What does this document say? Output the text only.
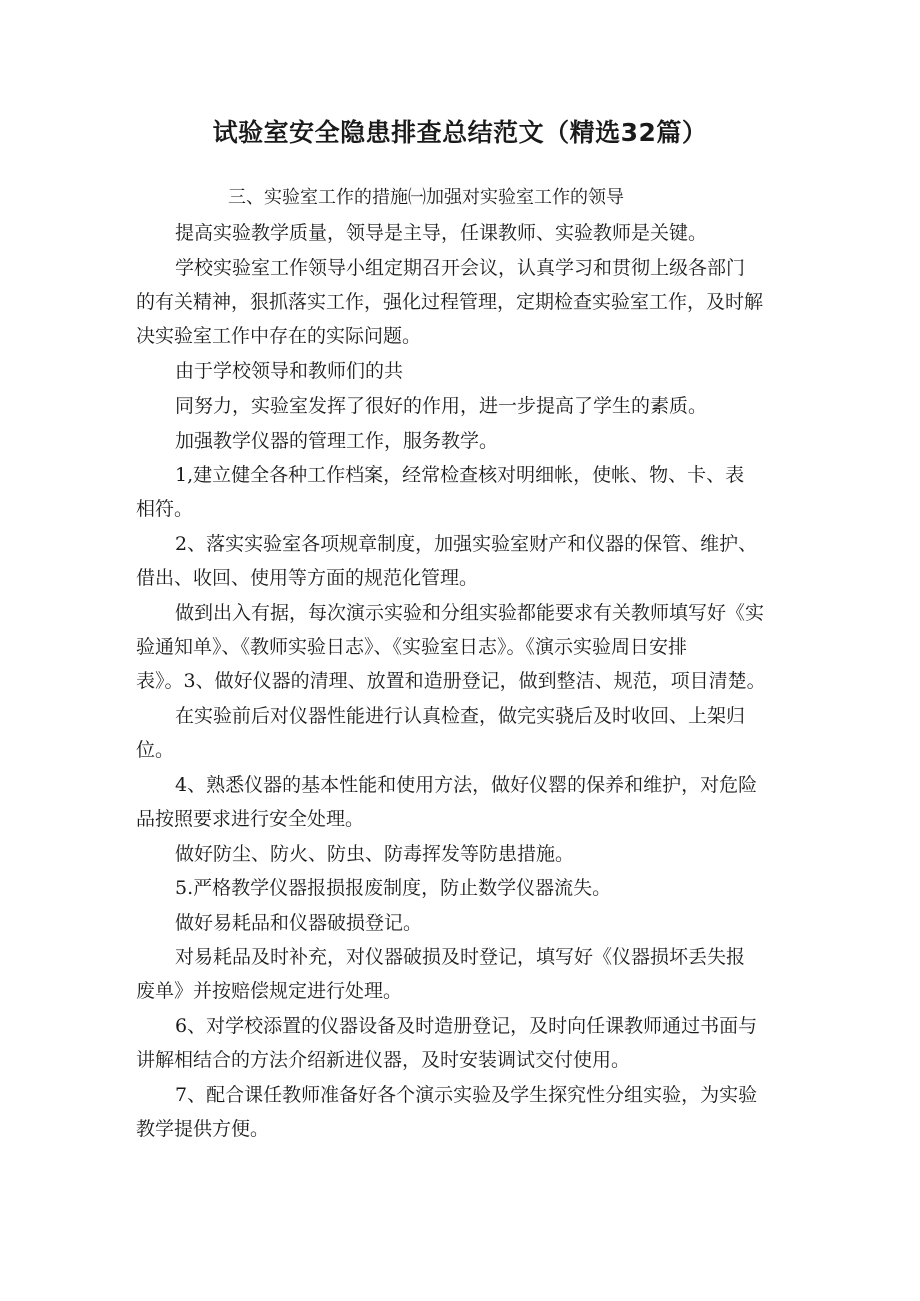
试验室安全隐患排查总结范文（精选32篇）
三、实验室工作的措施㈠加强对实验室工作的领导
提高实验教学质量，领导是主导，任课教师、实验教师是关键。
学校实验室工作领导小组定期召开会议，认真学习和贯彻上级各部门
的有关精神，狠抓落实工作，强化过程管理，定期检查实验室工作，及时解
决实验室工作中存在的实际问题。
由于学校领导和教师们的共
同努力，实验室发挥了很好的作用，进一步提高了学生的素质。
加强教学仪器的管理工作，服务教学。
1,建立健全各种工作档案，经常检查核对明细帐，使帐、物、卡、表
相符。
2、落实实验室各项规章制度，加强实验室财产和仪器的保管、维护、
借出、收回、使用等方面的规范化管理。
做到出入有据，每次演示实验和分组实验都能要求有关教师填写好《实
验通知单》、《教师实验日志》、《实验室日志》。《演示实验周日安排
表》。3、做好仪器的清理、放置和造册登记，做到整洁、规范，项目清楚。
在实验前后对仪器性能进行认真检查，做完实骁后及时收回、上架归
位。
4、熟悉仪器的基本性能和使用方法，做好仪罂的保养和维护，对危险
品按照要求进行安全处理。
做好防尘、防火、防虫、防毒挥发等防患措施。
5.严格教学仪器报损报废制度，防止数学仪器流失。
做好易耗品和仪器破损登记。
对易耗品及时补充，对仪器破损及时登记，填写好《仪器损坏丢失报
废单》并按赔偿规定进行处理。
6、对学校添置的仪器设备及时造册登记，及时向任课教师通过书面与
讲解相结合的方法介绍新进仪器，及时安装调试交付使用。
7、配合课任教师准备好各个演示实验及学生探究性分组实验，为实验
教学提供方便。
